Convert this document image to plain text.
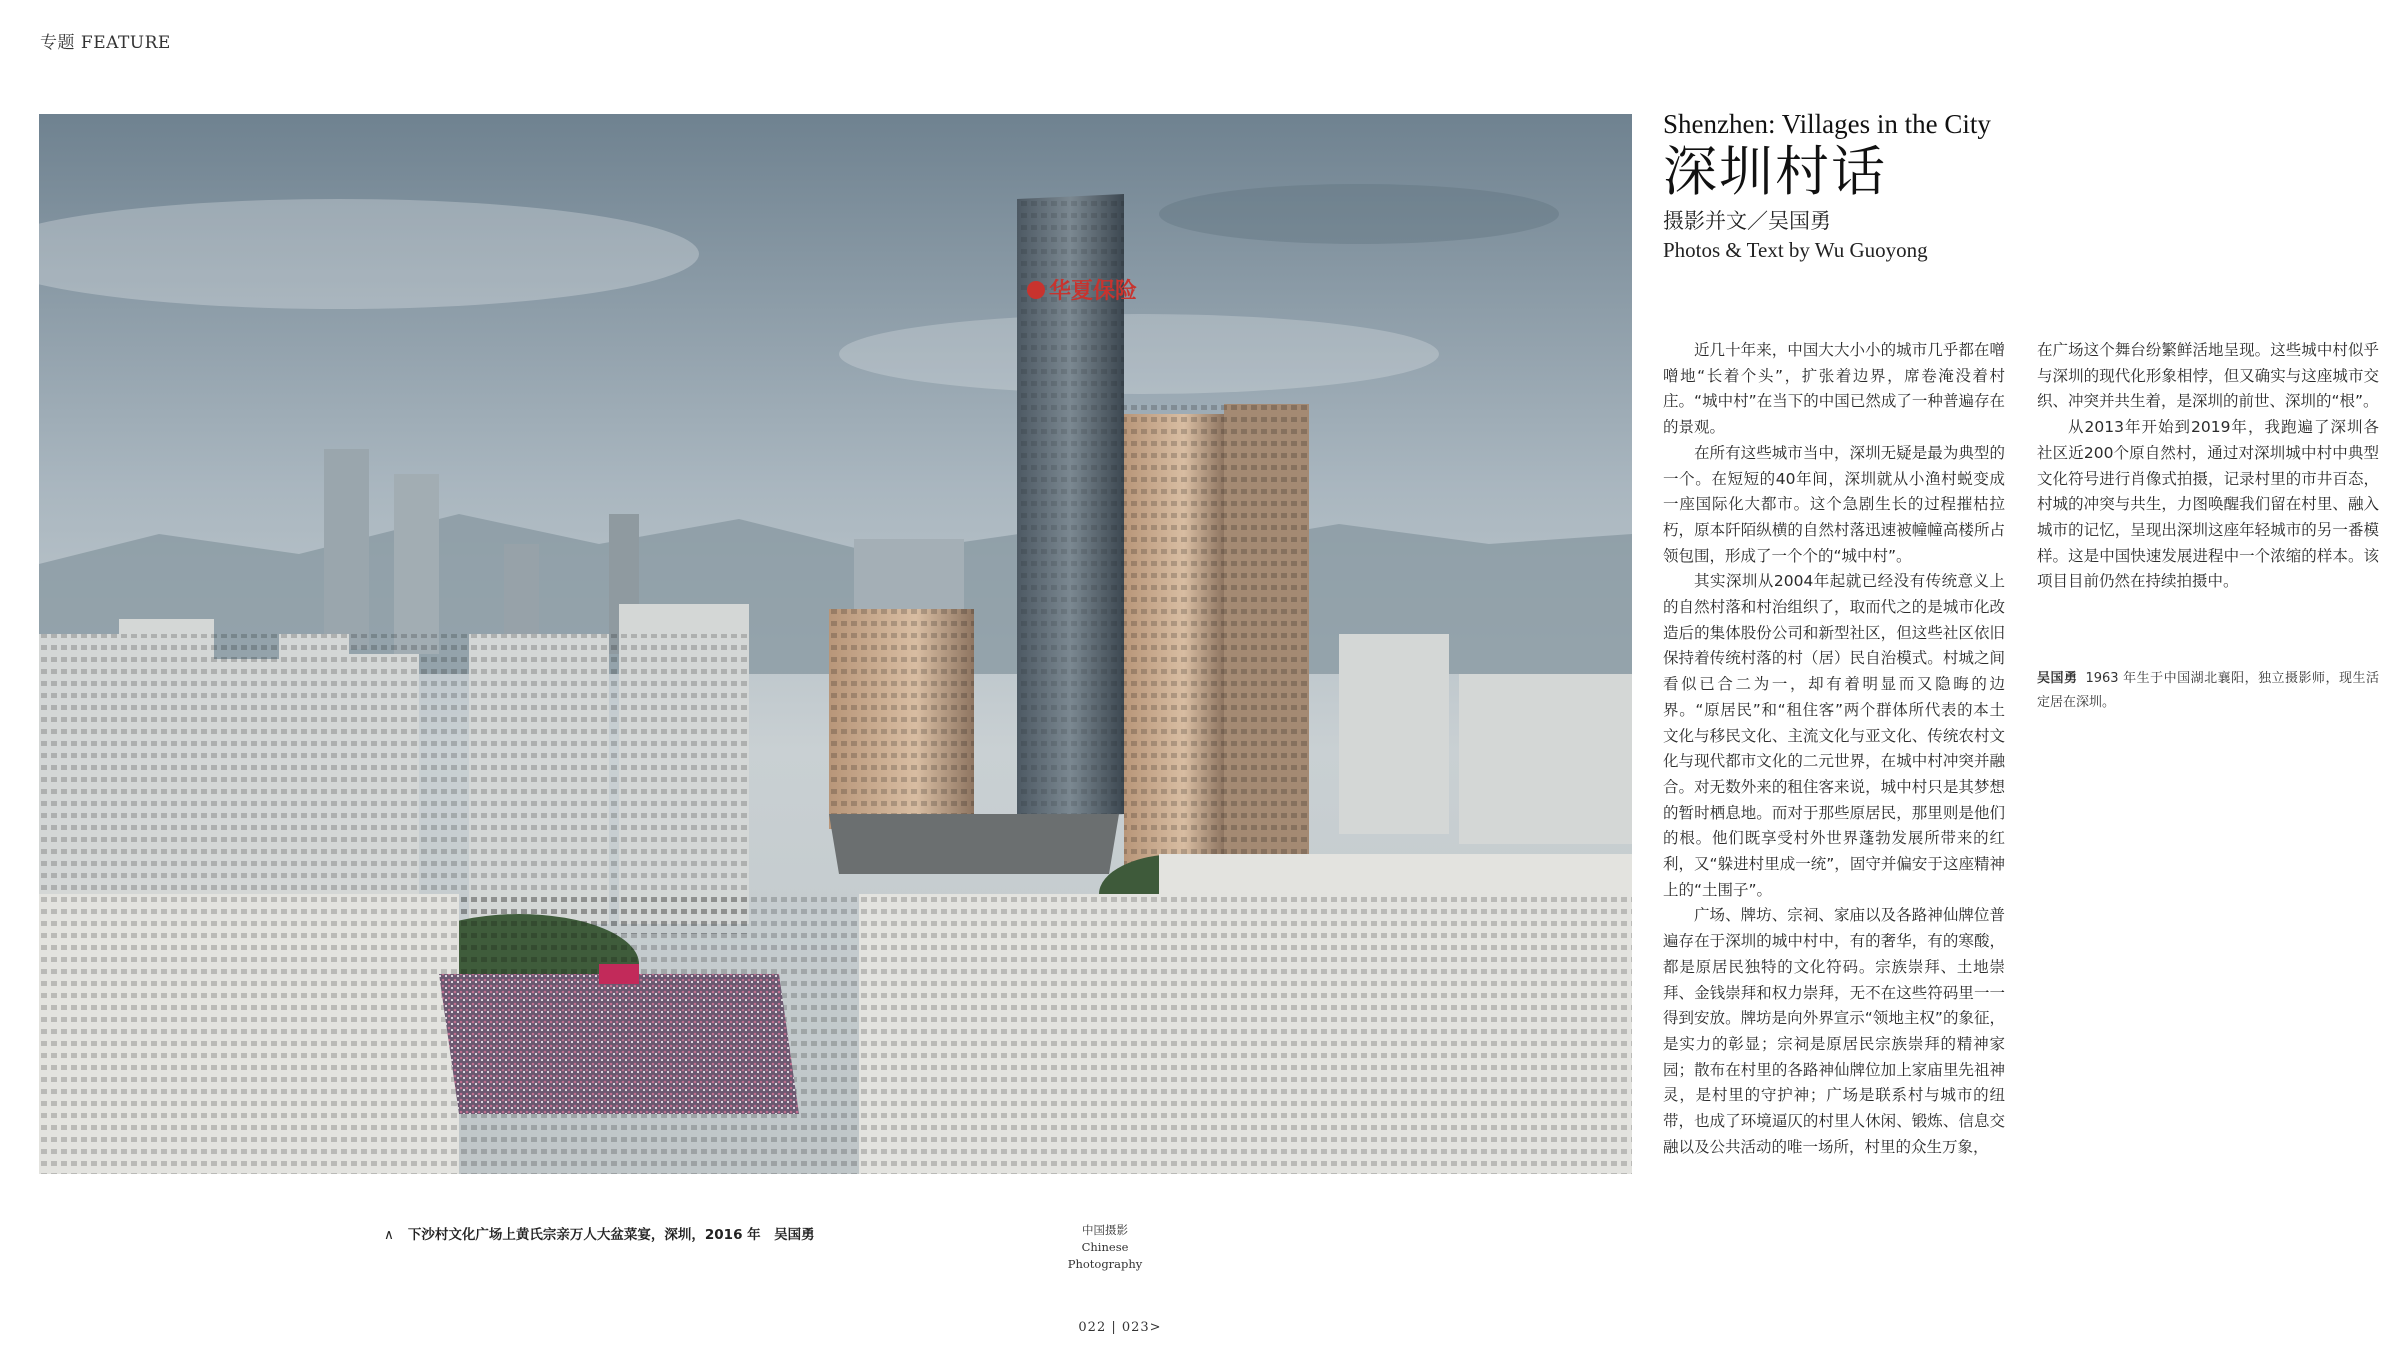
专题 FEATURE
华夏保险
Shenzhen: Villages in the City
深圳村话
摄影并文／吴国勇
Photos & Text by Wu Guoyong

近几十年来，中国大大小小的城市几乎都在噌噌地“长着个头”，扩张着边界，席卷淹没着村庄。“城中村”在当下的中国已然成了一种普遍存在的景观。

在所有这些城市当中，深圳无疑是最为典型的一个。在短短的40年间，深圳就从小渔村蜕变成一座国际化大都市。这个急剧生长的过程摧枯拉朽，原本阡陌纵横的自然村落迅速被幢幢高楼所占领包围，形成了一个个的“城中村”。

其实深圳从2004年起就已经没有传统意义上的自然村落和村治组织了，取而代之的是城市化改造后的集体股份公司和新型社区，但这些社区依旧保持着传统村落的村（居）民自治模式。村城之间看似已合二为一，却有着明显而又隐晦的边界。“原居民”和“租住客”两个群体所代表的本土文化与移民文化、主流文化与亚文化、传统农村文化与现代都市文化的二元世界，在城中村冲突并融合。对无数外来的租住客来说，城中村只是其梦想的暂时栖息地。而对于那些原居民，那里则是他们的根。他们既享受村外世界蓬勃发展所带来的红利，又“躲进村里成一统”，固守并偏安于这座精神上的“土围子”。

广场、牌坊、宗祠、家庙以及各路神仙牌位普遍存在于深圳的城中村中，有的奢华，有的寒酸，都是原居民独特的文化符码。宗族崇拜、土地崇拜、金钱崇拜和权力崇拜，无不在这些符码里一一得到安放。牌坊是向外界宣示“领地主权”的象征，是实力的彰显；宗祠是原居民宗族崇拜的精神家园；散布在村里的各路神仙牌位加上家庙里先祖神灵，是村里的守护神；广场是联系村与城市的纽带，也成了环境逼仄的村里人休闲、锻炼、信息交融以及公共活动的唯一场所，村里的众生万象，

在广场这个舞台纷繁鲜活地呈现。这些城中村似乎与深圳的现代化形象相悖，但又确实与这座城市交织、冲突并共生着，是深圳的前世、深圳的“根”。

从2013年开始到2019年，我跑遍了深圳各社区近200个原自然村，通过对深圳城中村中典型文化符号进行肖像式拍摄，记录村里的市井百态，村城的冲突与共生，力图唤醒我们留在村里、融入城市的记忆，呈现出深圳这座年轻城市的另一番模样。这是中国快速发展进程中一个浓缩的样本。该项目目前仍然在持续拍摄中。

吴国勇 1963 年生于中国湖北襄阳，独立摄影师，现生活定居在深圳。
∧ 下沙村文化广场上黄氏宗亲万人大盆菜宴，深圳，2016 年　吴国勇	中国摄影
Chinese
Photography
022 | 023>
